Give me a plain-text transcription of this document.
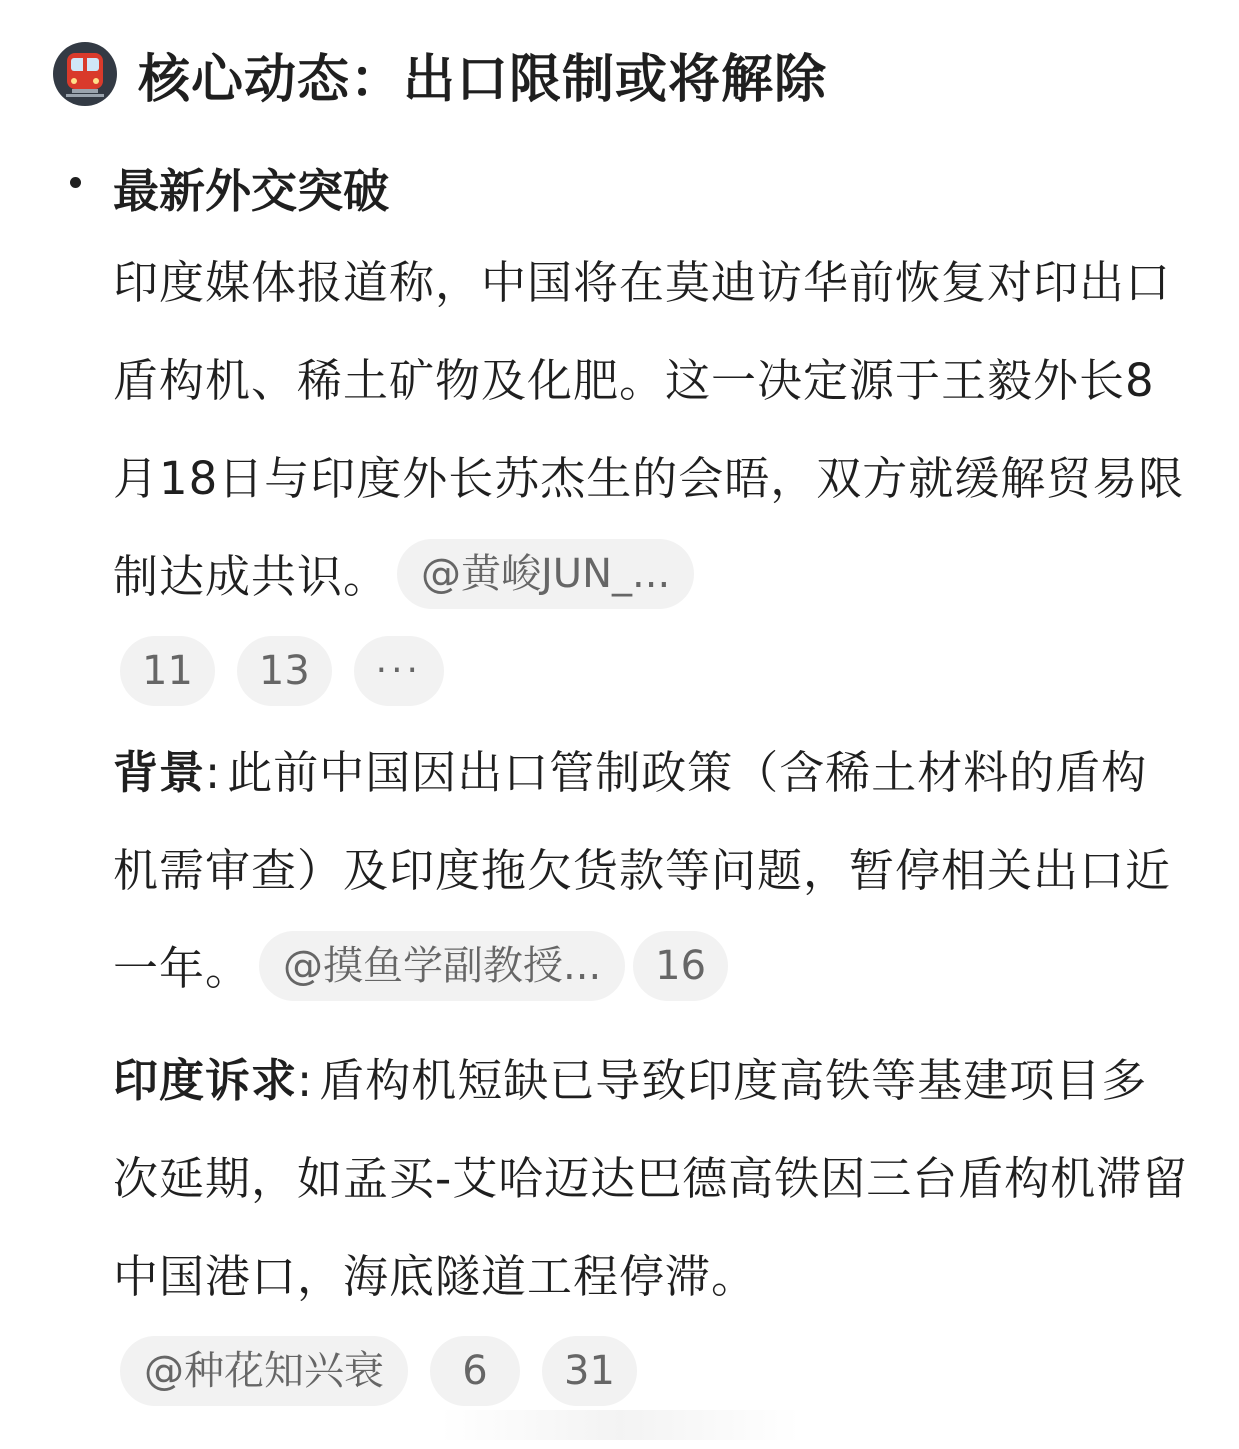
核心动态：出口限制或将解除
最新外交突破
印度媒体报道称，中国将在莫迪访华前恢复对印出口盾构机、稀土矿物及化肥。这一决定源于王毅外长8月18日与印度外长苏杰生的会晤，双方就缓解贸易限制达成共识。 @黄峻JUN_...
11	13	···
背景: 此前中国因出口管制政策（含稀土材料的盾构机需审查）及印度拖欠货款等问题，暂停相关出口近一年。 @摸鱼学副教授... 16
印度诉求: 盾构机短缺已导致印度高铁等基建项目多次延期，如孟买-艾哈迈达巴德高铁因三台盾构机滞留中国港口，海底隧道工程停滞。
@种花知兴衰	6	31
